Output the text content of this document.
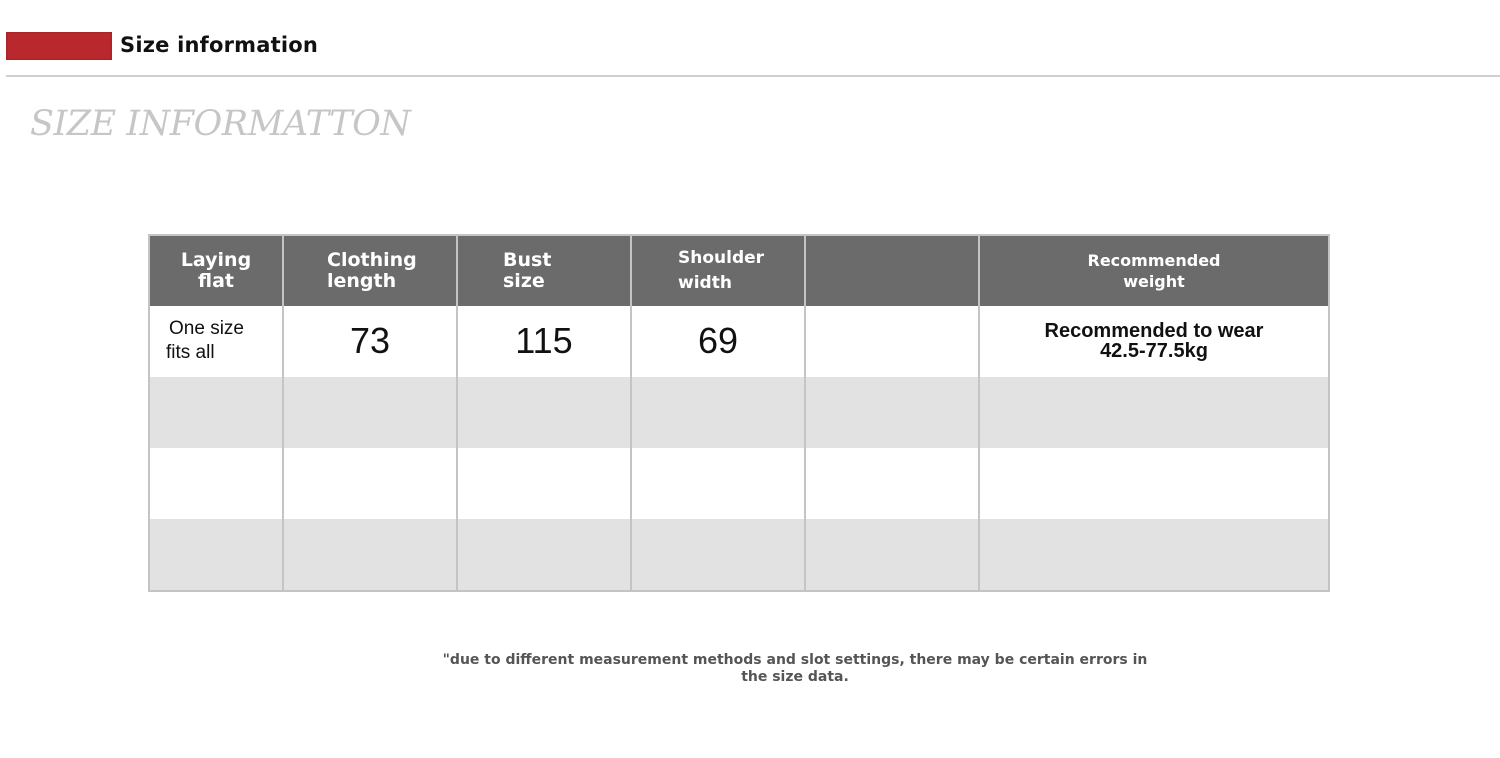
Size information
SIZE INFORMATTON
Laying
flat	Clothing
length	Bust
size	Shoulder
width		Recommended
weight

One size
fits all	73	115	69		Recommended to wear
42.5-77.5kg

"due to different measurement methods and slot settings, there may be certain errors in the size data.
